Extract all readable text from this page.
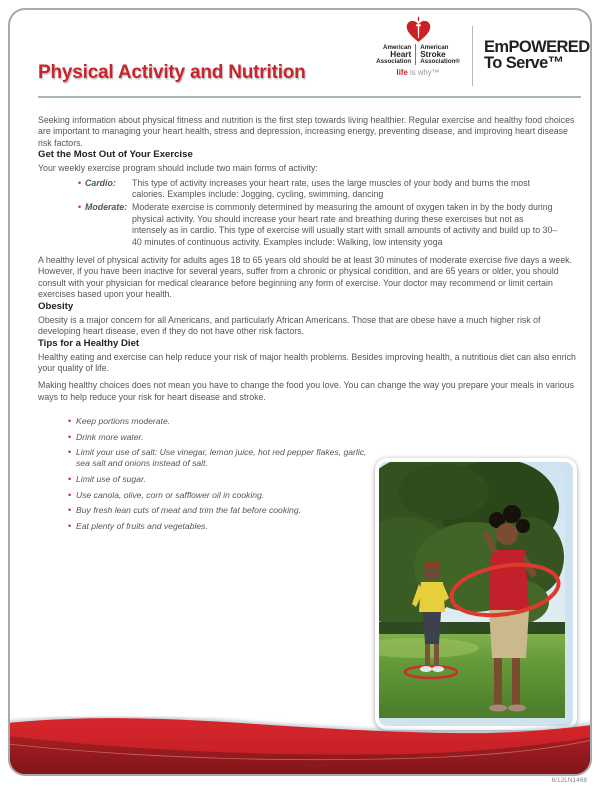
Physical Activity and Nutrition
American
Heart
Association
American
Stroke
Association®
life is why™
EmPOWERED
To Serve™

Seeking information about physical fitness and nutrition is the first step towards living healthier. Regular exercise and healthy food choices are important to managing your heart health, stress and depression, increasing energy, preventing disease, and improving heart disease risk factors.

Get the Most Out of Your Exercise

Your weekly exercise program should include two main forms of activity:

• Cardio:	This type of activity increases your heart rate, uses the large muscles of your body and burns the most calories. Examples include: Jogging, cycling, swimming, dancing
• Moderate: Moderate exercise is commonly determined by measuring the amount of oxygen taken in by the body during physical activity. You should increase your heart rate and breathing during these exercises but not as intensely as in cardio. This type of exercise will usually start with small amounts of activity and build up to 30–40 minutes of continuous activity. Examples include: Walking, low intensity yoga

A healthy level of physical activity for adults ages 18 to 65 years old should be at least 30 minutes of moderate exercise five days a week. However, if you have been inactive for several years, suffer from a chronic or physical condition, and are 65 years or older, you should consult with your physician for medical clearance before beginning any form of exercise. Your doctor may recommend or limit certain exercises based upon your health.

Obesity

Obesity is a major concern for all Americans, and particularly African Americans. Those that are obese have a much higher risk of developing heart disease, even if they do not have other risk factors.

Tips for a Healthy Diet

Healthy eating and exercise can help reduce your risk of major health problems. Besides improving health, a nutritious diet can also enrich your quality of life.

Making healthy choices does not mean you have to change the food you love. You can change the way you prepare your meals in various ways to help reduce your risk for heart disease and stroke.

• Keep portions moderate.
• Drink more water.
• Limit your use of salt: Use vinegar, lemon juice, hot red pepper flakes, garlic, sea salt and onions instead of salt.
• Limit use of sugar.
• Use canola, olive, corn or safflower oil in cooking.
• Buy fresh lean cuts of meat and trim the fat before cooking.
• Eat plenty of fruits and vegetables.
6/12LN1468
